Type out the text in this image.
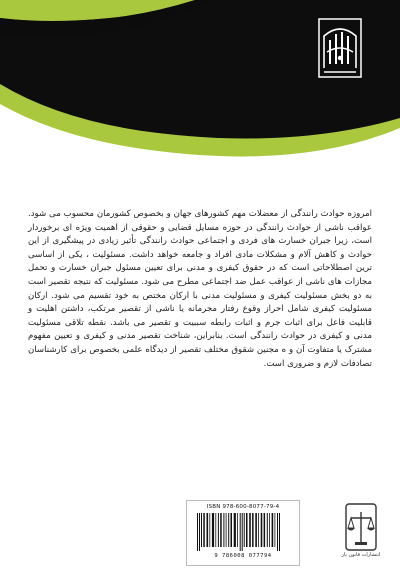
امروزه حوادث رانندگی از معضلات مهم کشورهای جهان و بخصوص کشورمان محسوب می شود. عواقب ناشی از حوادث رانندگی در حوزه مسایل قضایی و حقوقی از اهمیت ویژه ای برخوردار است، زیرا جبران خسارت های فردی و اجتماعی حوادث رانندگی تأثیر زیادی در پیشگیری از این حوادث و کاهش آلام و مشکلات مادی افراد و جامعه خواهد داشت. مسئولیت ، یکی از اساسی ترین اصطلاحاتی است که در حقوق کیفری و مدنی برای تعیین مسئول جبران خسارت و تحمل مجازات های ناشی از عواقب عمل ضد اجتماعی مطرح می شود. مسئولیت که نتیجه تقصیر است به دو بخش مسئولیت کیفری و مسئولیت مدنی با ارکان مختص به خود تقسیم می شود. ارکان مسئولیت کیفری شامل احراز وقوع رفتار مجرمانه یا ناشی از تقصیر مرتکب، داشتن اهلیت و قابلیت فاعل برای اثبات جرم و اثبات رابطه سببیت و تقصیر می باشد. نقطه تلاقی مسئولیت مدنی و کیفری در حوادث رانندگی است. بنابراین، شناخت تقصیر مدنی و کیفری و تعیین مفهوم مشترک یا متفاوت آن و ه مجنین شقوق مختلف تقصیر از دیدگاه علمی بخصوص برای کارشناسان تصادفات لازم و ضروری است.

ISBN 978-600-8077-79-4
9 786008 077794	انتشارات قانون یار
